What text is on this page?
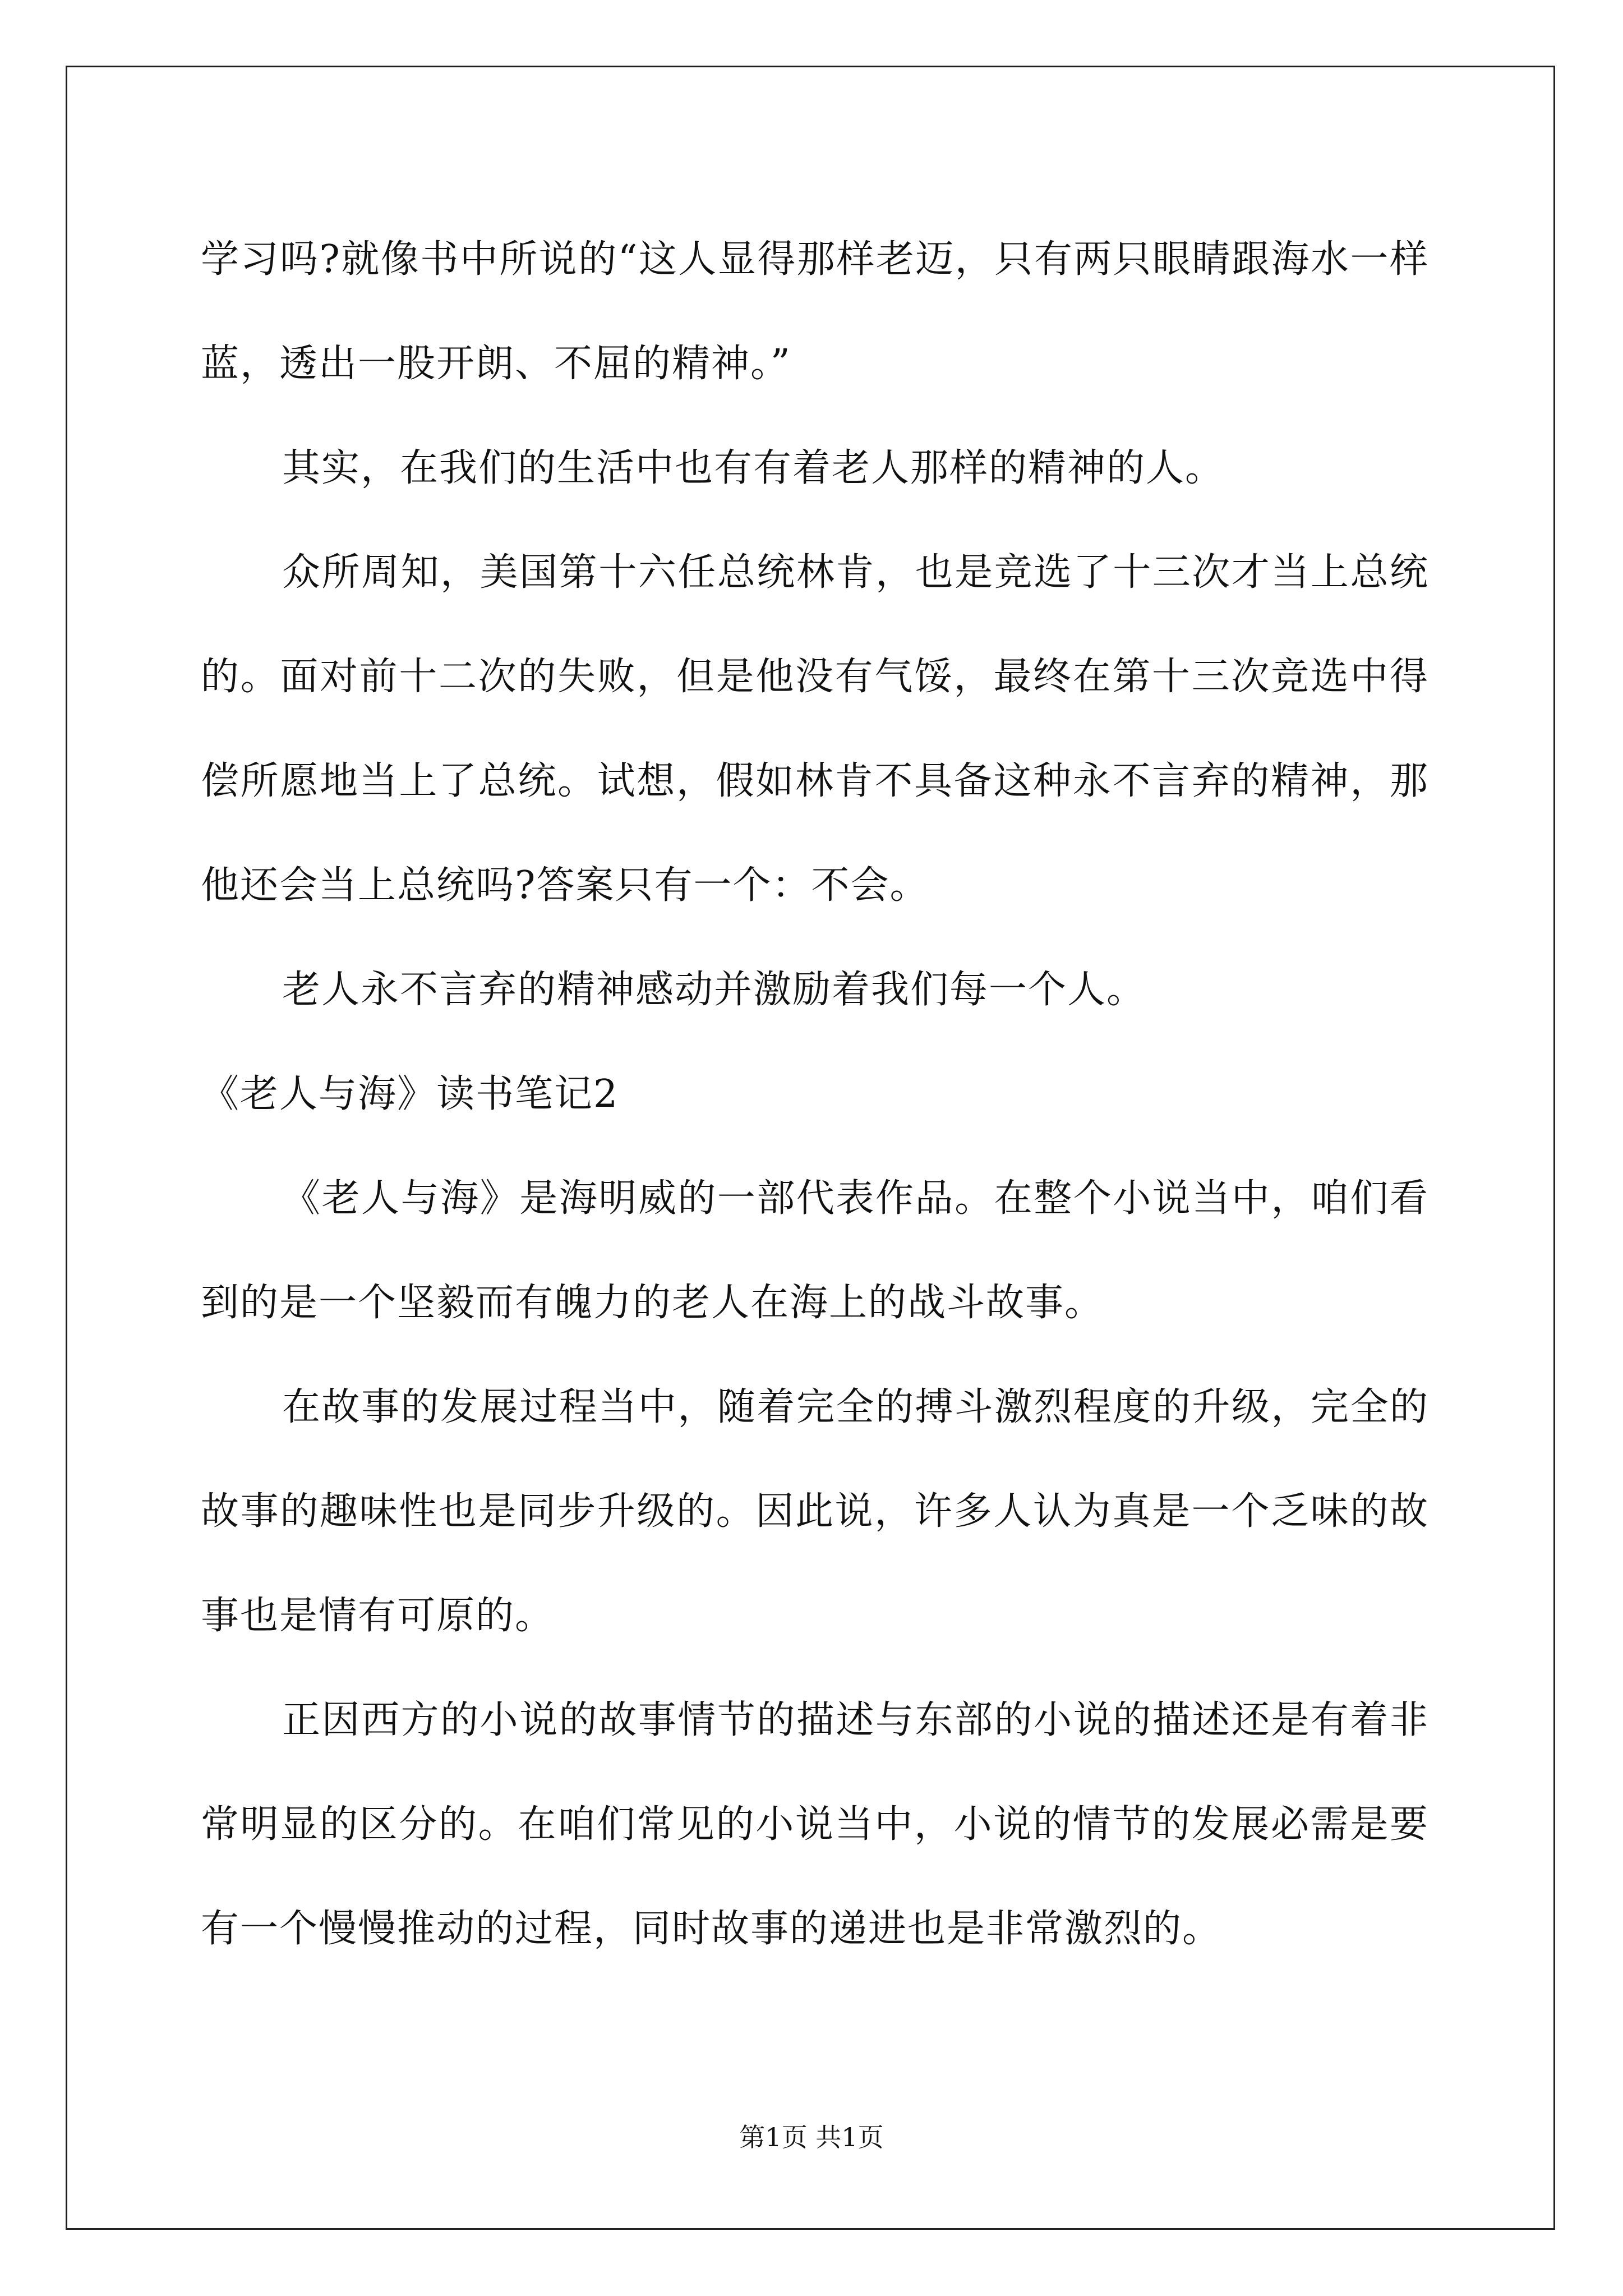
学习吗?就像书中所说的“这人显得那样老迈，只有两只眼睛跟海水一样蓝，透出一股开朗、不屈的精神。”

其实，在我们的生活中也有有着老人那样的精神的人。

众所周知，美国第十六任总统林肯，也是竞选了十三次才当上总统的。面对前十二次的失败，但是他没有气馁，最终在第十三次竞选中得偿所愿地当上了总统。试想，假如林肯不具备这种永不言弃的精神，那他还会当上总统吗?答案只有一个：不会。

老人永不言弃的精神感动并激励着我们每一个人。

《老人与海》读书笔记2

《老人与海》是海明威的一部代表作品。在整个小说当中，咱们看到的是一个坚毅而有魄力的老人在海上的战斗故事。

在故事的发展过程当中，随着完全的搏斗激烈程度的升级，完全的故事的趣味性也是同步升级的。因此说，许多人认为真是一个乏味的故事也是情有可原的。

正因西方的小说的故事情节的描述与东部的小说的描述还是有着非常明显的区分的。在咱们常见的小说当中，小说的情节的发展必需是要有一个慢慢推动的过程，同时故事的递进也是非常激烈的。

第1页 共1页
